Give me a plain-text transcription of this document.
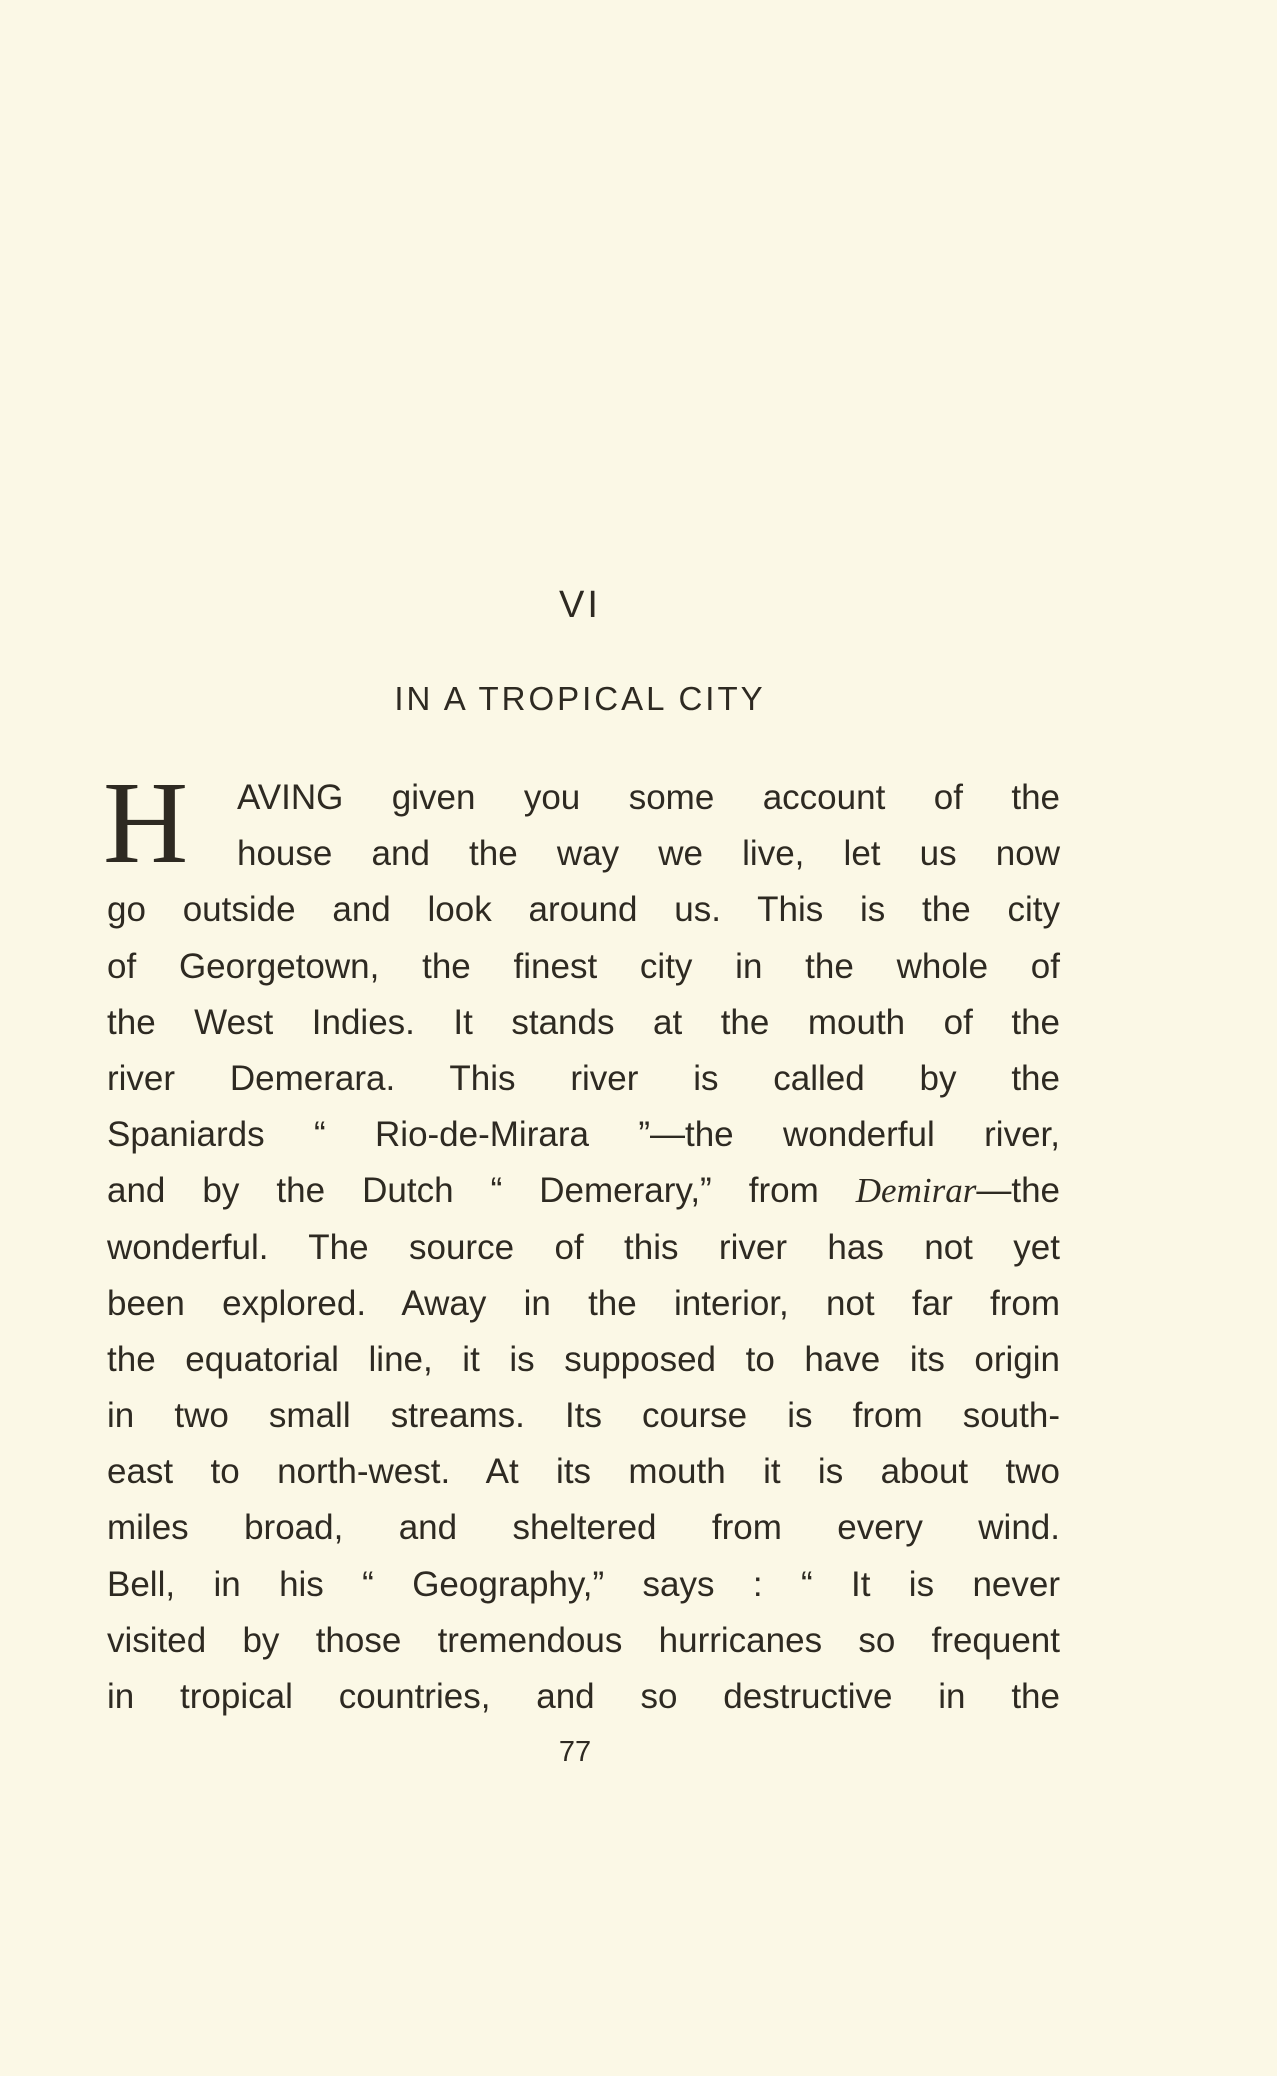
VI
IN A TROPICAL CITY
H	AVING given you some account of the
house and the way we live, let us now
go outside and look around us. This is the city
of Georgetown, the finest city in the whole of
the West Indies. It stands at the mouth of the
river Demerara. This river is called by the
Spaniards “ Rio-de-Mirara ”—the wonderful river,
and by the Dutch “ Demerary,” from Demirar—the
wonderful. The source of this river has not yet
been explored. Away in the interior, not far from
the equatorial line, it is supposed to have its origin
in two small streams. Its course is from south-
east to north-west. At its mouth it is about two
miles broad, and sheltered from every wind.
Bell, in his “ Geography,” says : “ It is never
visited by those tremendous hurricanes so frequent
in tropical countries, and so destructive in the
77
